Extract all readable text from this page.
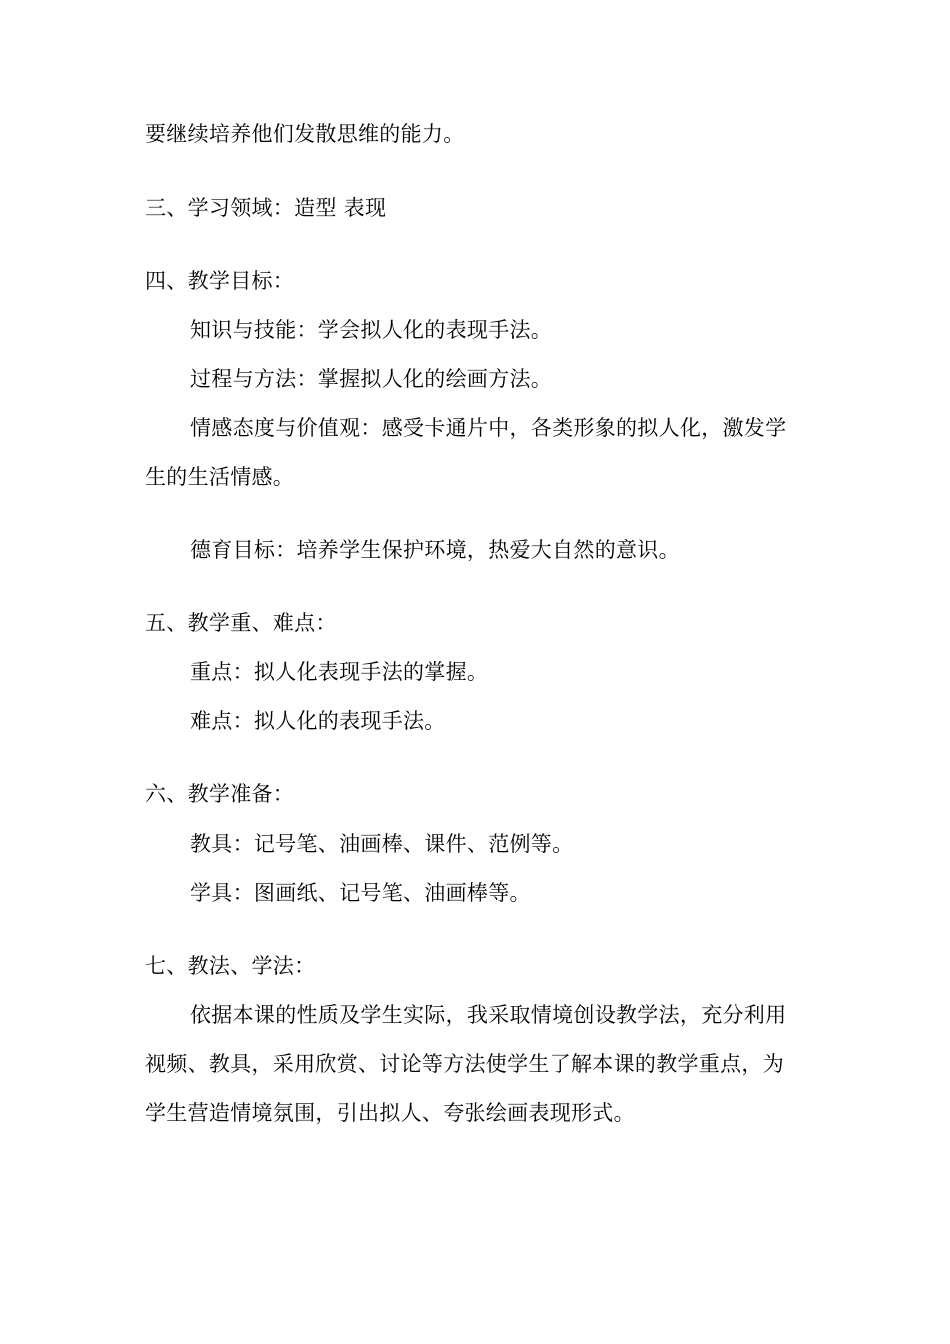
要继续培养他们发散思维的能力。
三、学习领域：造型 表现
四、教学目标：
知识与技能：学会拟人化的表现手法。
过程与方法：掌握拟人化的绘画方法。
情感态度与价值观：感受卡通片中，各类形象的拟人化，激发学
生的生活情感。
德育目标：培养学生保护环境，热爱大自然的意识。
五、教学重、难点：
重点：拟人化表现手法的掌握。
难点：拟人化的表现手法。
六、教学准备：
教具：记号笔、油画棒、课件、范例等。
学具：图画纸、记号笔、油画棒等。
七、教法、学法：
依据本课的性质及学生实际，我采取情境创设教学法，充分利用
视频、教具，采用欣赏、讨论等方法使学生了解本课的教学重点，为
学生营造情境氛围，引出拟人、夸张绘画表现形式。
